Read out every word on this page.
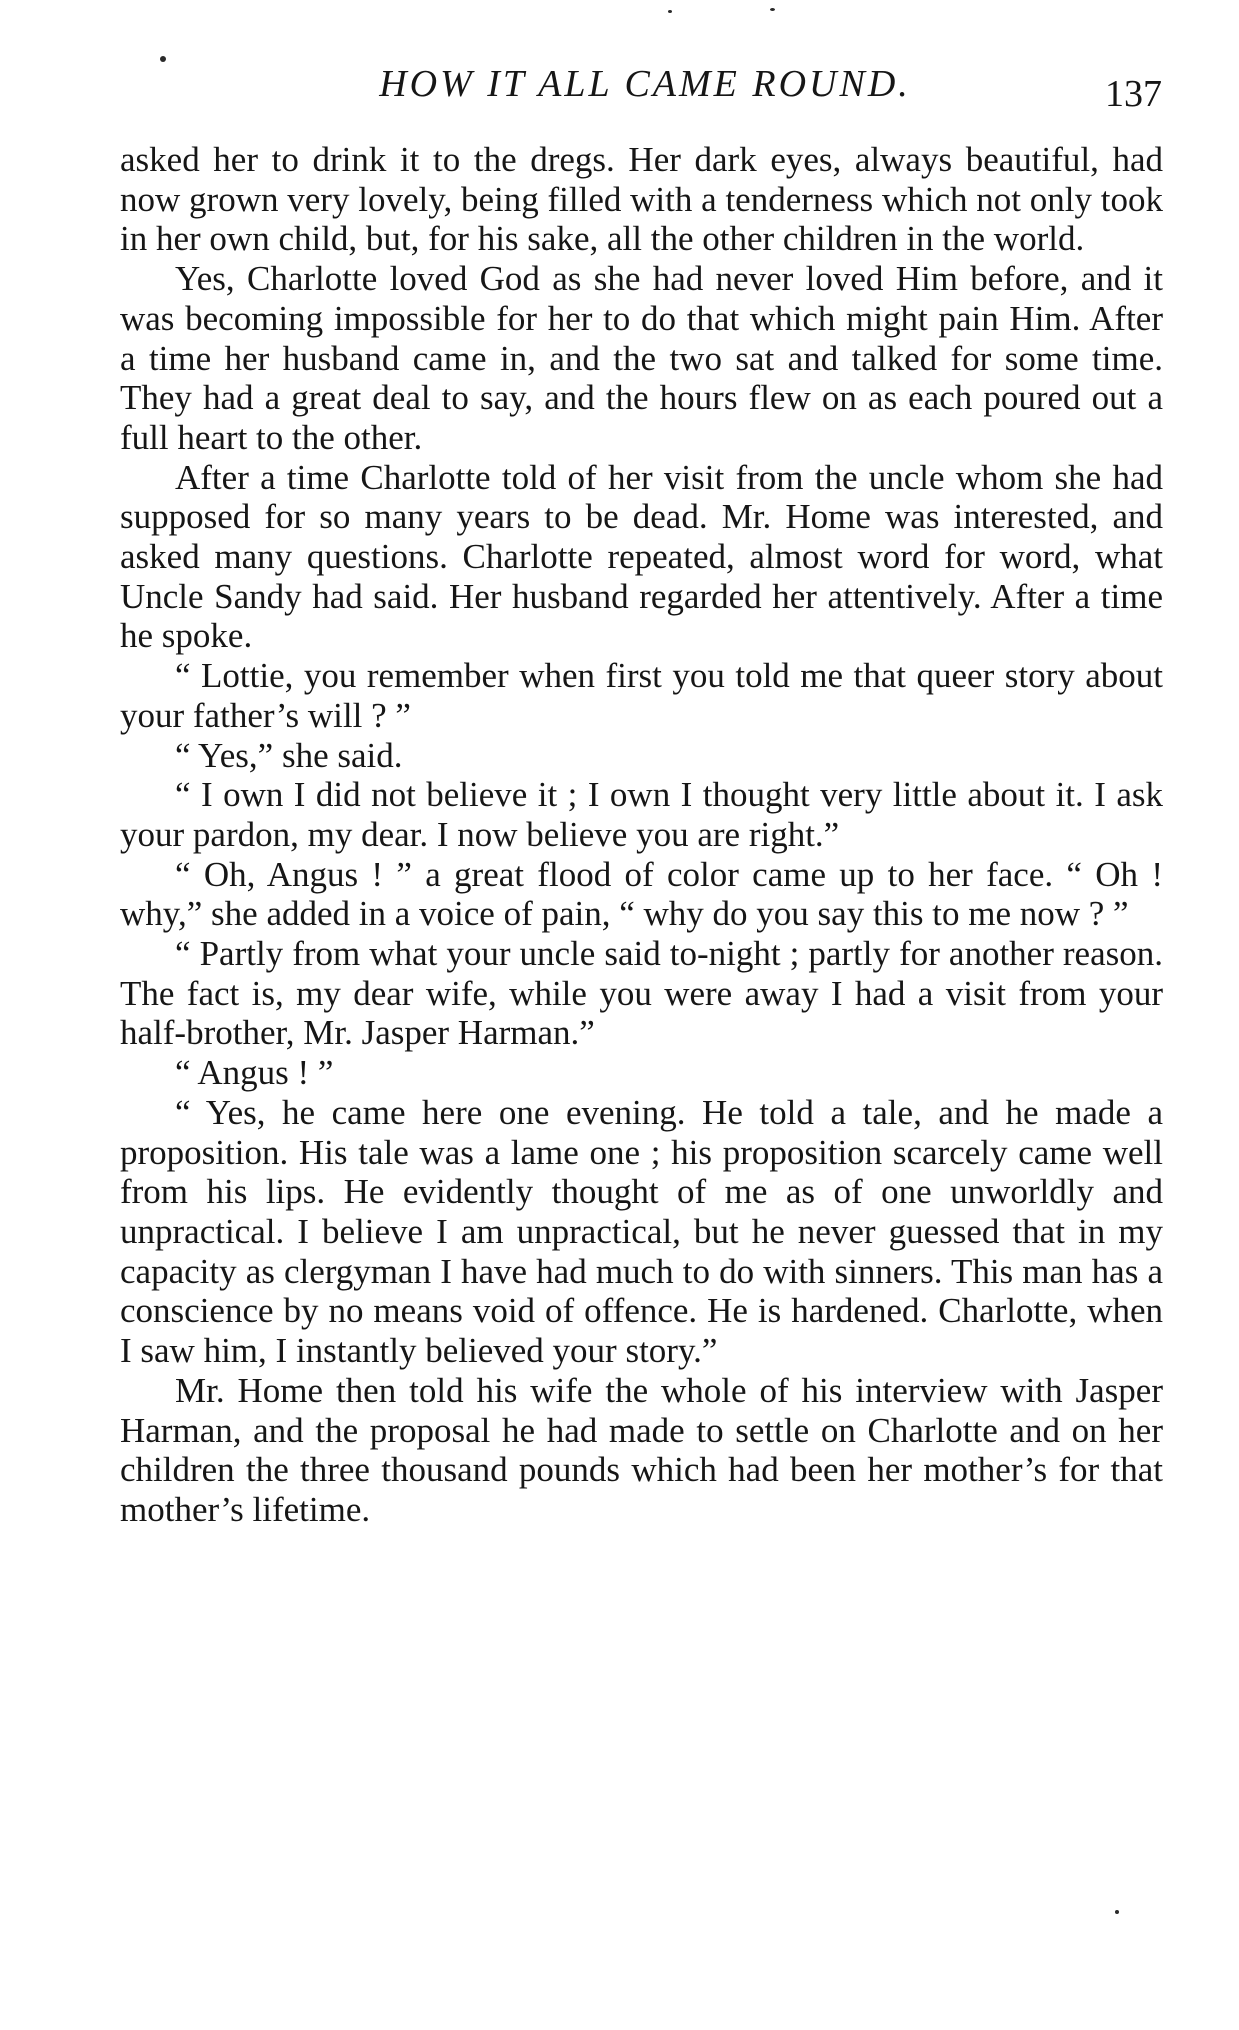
HOW IT ALL CAME ROUND.	137

asked her to drink it to the dregs. Her dark eyes, always beautiful, had now grown very lovely, being filled with a tenderness which not only took in her own child, but, for his sake, all the other children in the world.

Yes, Charlotte loved God as she had never loved Him before, and it was becoming impossible for her to do that which might pain Him. After a time her husband came in, and the two sat and talked for some time. They had a great deal to say, and the hours flew on as each poured out a full heart to the other.

After a time Charlotte told of her visit from the uncle whom she had supposed for so many years to be dead. Mr. Home was interested, and asked many questions. Charlotte repeated, almost word for word, what Uncle Sandy had said. Her husband regarded her attentively. After a time he spoke.

“ Lottie, you remember when first you told me that queer story about your father’s will ? ”

“ Yes,” she said.

“ I own I did not believe it ; I own I thought very little about it. I ask your pardon, my dear. I now believe you are right.”

“ Oh, Angus ! ” a great flood of color came up to her face. “ Oh ! why,” she added in a voice of pain, “ why do you say this to me now ? ”

“ Partly from what your uncle said to-night ; partly for another reason. The fact is, my dear wife, while you were away I had a visit from your half-brother, Mr. Jasper Harman.”

“ Angus ! ”

“ Yes, he came here one evening. He told a tale, and he made a proposition. His tale was a lame one ; his proposition scarcely came well from his lips. He evidently thought of me as of one unworldly and unpractical. I believe I am unpractical, but he never guessed that in my capacity as clergyman I have had much to do with sinners. This man has a conscience by no means void of offence. He is hardened. Charlotte, when I saw him, I instantly believed your story.”

Mr. Home then told his wife the whole of his interview with Jasper Harman, and the proposal he had made to settle on Charlotte and on her children the three thousand pounds which had been her mother’s for that mother’s lifetime.
